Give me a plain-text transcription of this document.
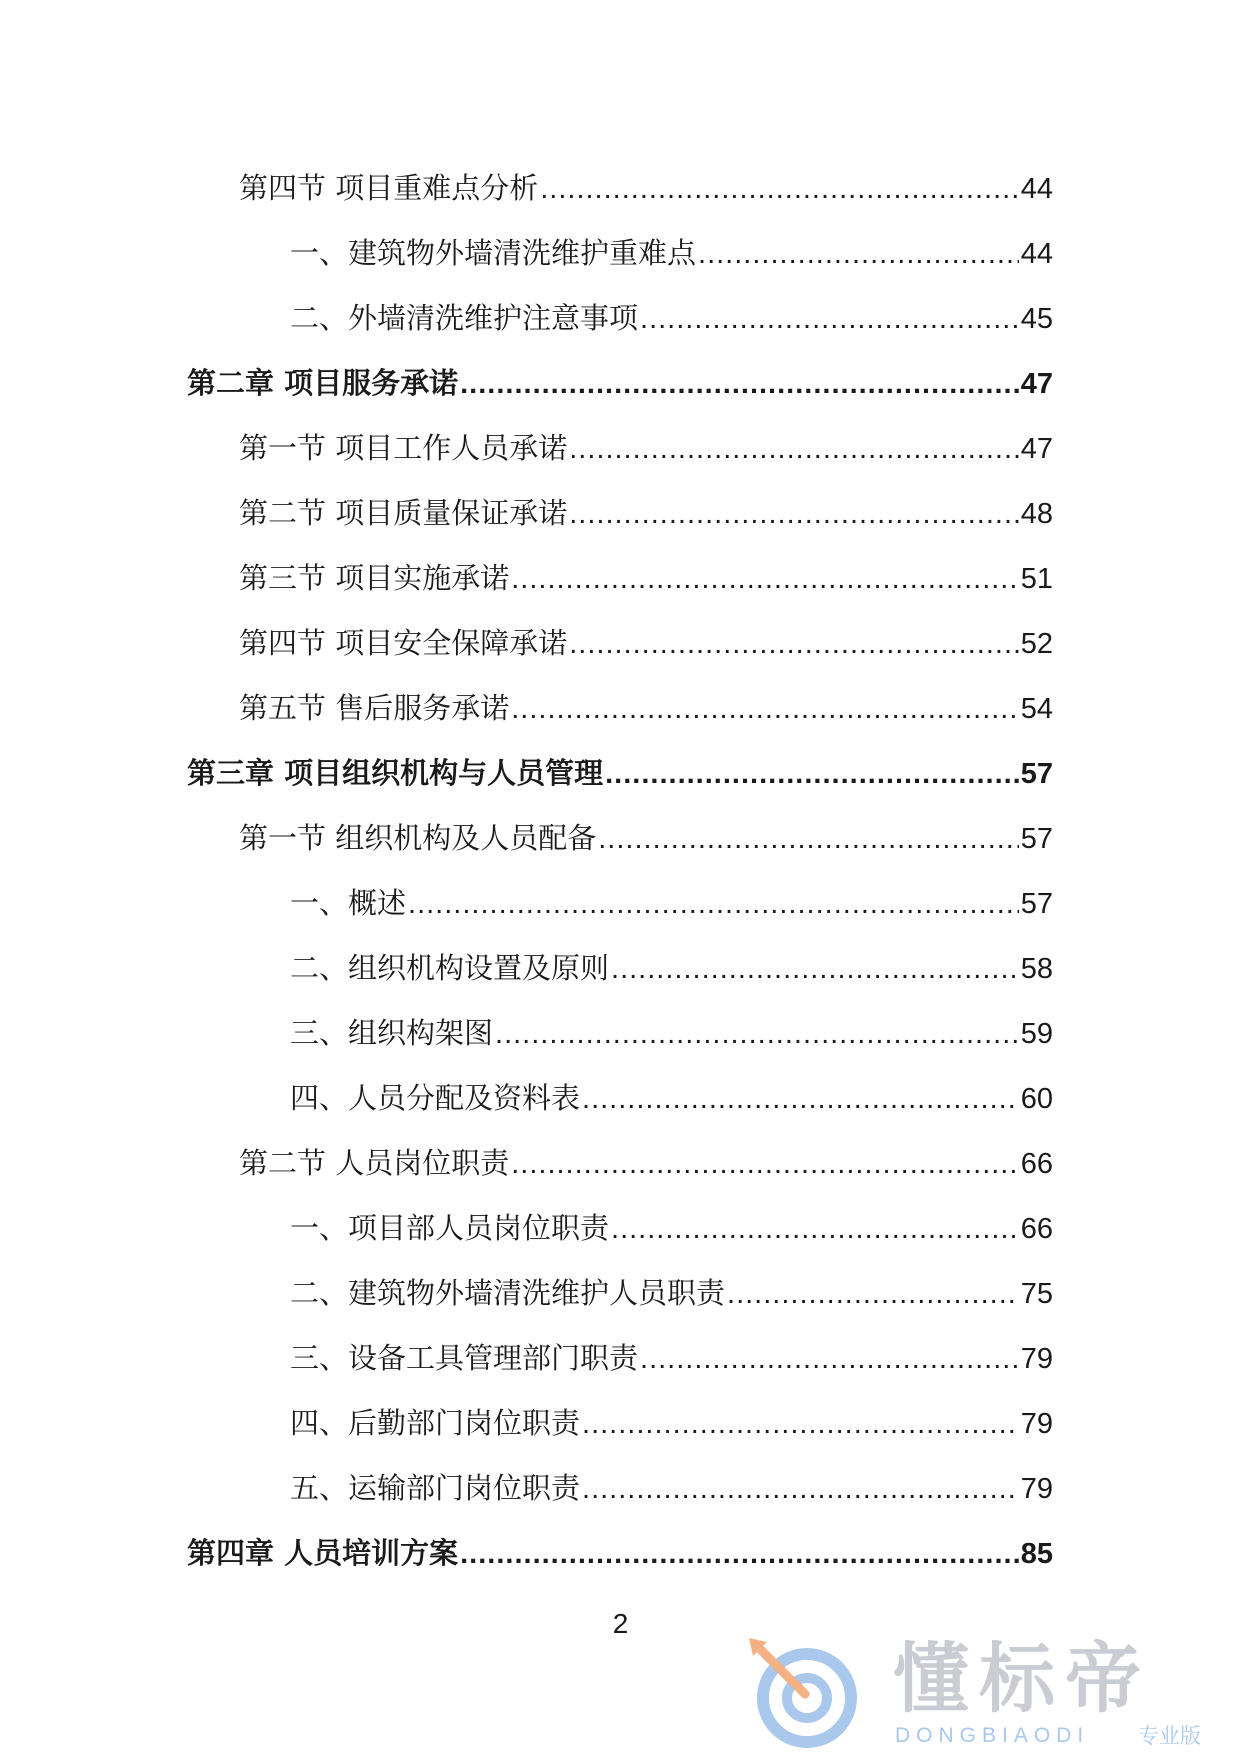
第四节 项目重难点分析 .....	44
一、建筑物外墙清洗维护重难点 .....	44
二、外墙清洗维护注意事项 .....	45
第二章 项目服务承诺 .....	47
第一节 项目工作人员承诺 .....	47
第二节 项目质量保证承诺 .....	48
第三节 项目实施承诺 .....	51
第四节 项目安全保障承诺 .....	52
第五节 售后服务承诺 .....	54
第三章 项目组织机构与人员管理 .....	57
第一节 组织机构及人员配备 .....	57
一、概述 .....	57
二、组织机构设置及原则 .....	58
三、组织构架图 .....	59
四、人员分配及资料表 .....	60
第二节 人员岗位职责 .....	66
一、项目部人员岗位职责 .....	66
二、建筑物外墙清洗维护人员职责 .....	75
三、设备工具管理部门职责 .....	79
四、后勤部门岗位职责 .....	79
五、运输部门岗位职责 .....	79
第四章 人员培训方案 .....	85
2
懂标帝
DONGBIAODI 专业版
